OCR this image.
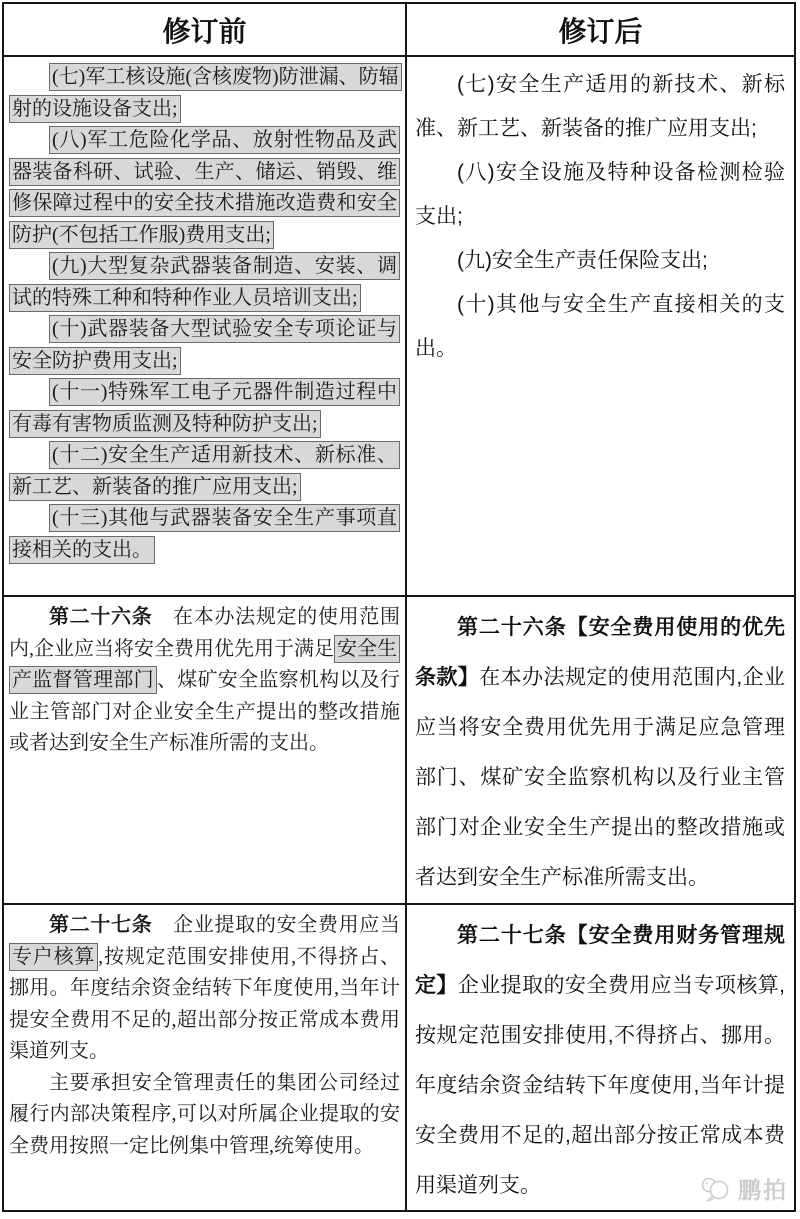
修订前	修订后

(七)军工核设施(含核废物)防泄漏、防辐射的设施设备支出;

(八)军工危险化学品、放射性物品及武器装备科研、试验、生产、储运、销毁、维修保障过程中的安全技术措施改造费和安全防护(不包括工作服)费用支出;

(九)大型复杂武器装备制造、安装、调试的特殊工种和特种作业人员培训支出;

(十)武器装备大型试验安全专项论证与安全防护费用支出;

(十一)特殊军工电子元器件制造过程中有毒有害物质监测及特种防护支出;

(十二)安全生产适用新技术、新标准、新工艺、新装备的推广应用支出;

(十三)其他与武器装备安全生产事项直接相关的支出。

(七)安全生产适用的新技术、新标准、新工艺、新装备的推广应用支出;

(八)安全设施及特种设备检测检验支出;

(九)安全生产责任保险支出;

(十)其他与安全生产直接相关的支出。

第二十六条　在本办法规定的使用范围内,企业应当将安全费用优先用于满足 安全生产监督管理部门 、煤矿安全监察机构以及行业主管部门对企业安全生产提出的整改措施或者达到安全生产标准所需的支出。

第二十六条【安全费用使用的优先条款】在本办法规定的使用范围内,企业应当将安全费用优先用于满足应急管理部门、煤矿安全监察机构以及行业主管部门对企业安全生产提出的整改措施或者达到安全生产标准所需支出。

第二十七条　企业提取的安全费用应当专户核算 ,按规定范围安排使用,不得挤占、挪用。年度结余资金结转下年度使用,当年计提安全费用不足的,超出部分按正常成本费用渠道列支。

主要承担安全管理责任的集团公司经过履行内部决策程序,可以对所属企业提取的安全费用按照一定比例集中管理,统筹使用。

第二十七条【安全费用财务管理规定】企业提取的安全费用应当专项核算,按规定范围安排使用,不得挤占、挪用。年度结余资金结转下年度使用,当年计提安全费用不足的,超出部分按正常成本费用渠道列支。	鹏拍
